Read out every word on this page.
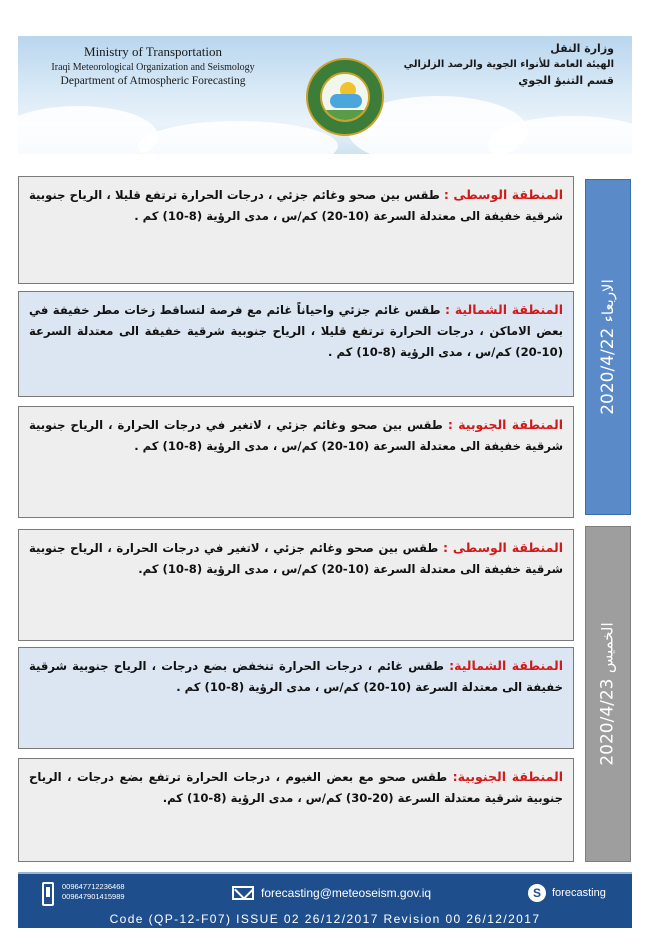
Ministry of Transportation
Iraqi Meteorological Organization and Seismology
Department of Atmospheric Forecasting
وزارة النقل
الهيئة العامة للأنواء الجوية والرصد الزلزالي
قسم التنبؤ الجوي
2020/4/22 الاربعاء
المنطقة الوسطى : طقس بين صحو وغائم جزئي ، درجات الحرارة ترتفع قليلا ، الرياح جنوبية شرقية خفيفة الى معتدلة السرعة (10-20) كم/س ، مدى الرؤية (8-10) كم .
المنطقة الشمالية : طقس غائم جزئي واحياناً غائم مع فرصة لتساقط زخات مطر خفيفة في بعض الاماكن ، درجات الحرارة ترتفع قليلا ، الرياح جنوبية شرقية خفيفة الى معتدلة السرعة (10-20) كم/س ، مدى الرؤية (8-10) كم .
المنطقة الجنوبية : طقس بين صحو وغائم جزئي ، لاتغير في درجات الحرارة ، الرياح جنوبية شرقية خفيفة الى معتدلة السرعة (10-20) كم/س ، مدى الرؤية (8-10) كم .
2020/4/23 الخميس
المنطقة الوسطى : طقس بين صحو وغائم جزئي ، لاتغير في درجات الحرارة ، الرياح جنوبية شرقية خفيفة الى معتدلة السرعة (10-20) كم/س ، مدى الرؤية (8-10) كم.
المنطقة الشمالية: طقس غائم ، درجات الحرارة تنخفض بضع درجات ، الرياح جنوبية شرقية خفيفة الى معتدلة السرعة (10-20) كم/س ، مدى الرؤية (8-10) كم .
المنطقة الجنوبية: طقس صحو مع بعض الغيوم ، درجات الحرارة ترتفع بضع درجات ، الرياح جنوبية شرقية معتدلة السرعة (20-30) كم/س ، مدى الرؤية (8-10) كم.
009647712236468
009647901415989	forecasting@meteoseism.gov.iq	S	forecasting
Code (QP-12-F07) ISSUE 02 26/12/2017 Revision 00 26/12/2017
